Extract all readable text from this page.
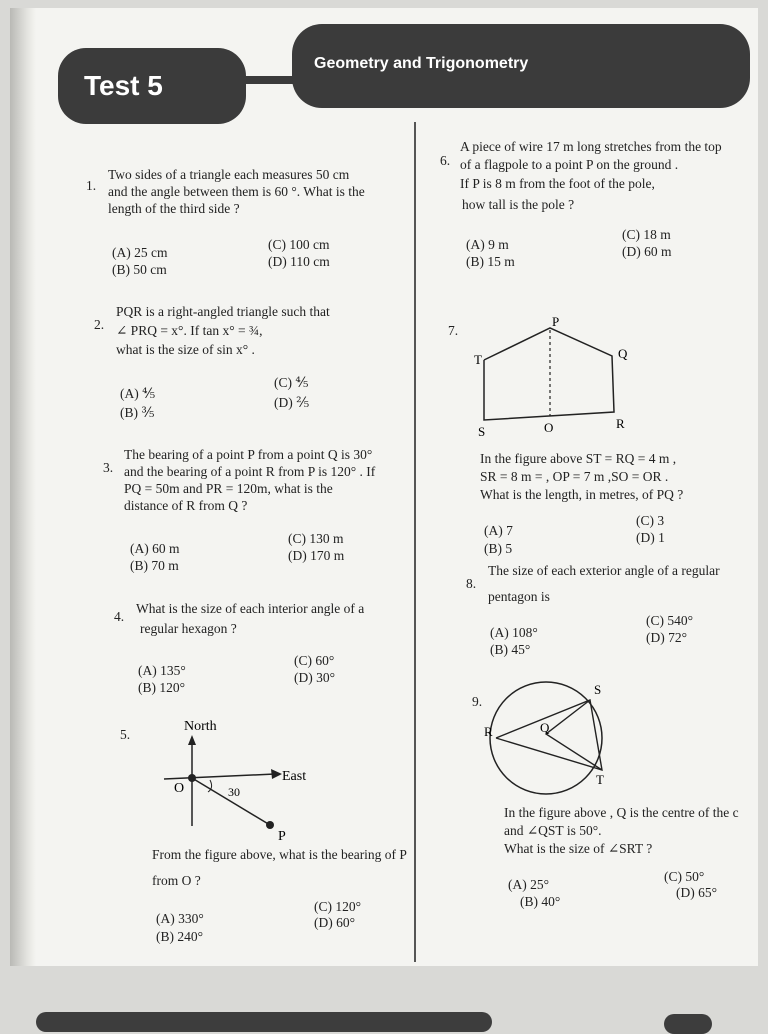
Test 5
Geometry and Trigonometry
1.
Two sides of a triangle each measures 50 cm
and the angle between them is 60 °. What is the
length of the third side ?
(A) 25 cm
(B) 50 cm
(C) 100 cm
(D) 110 cm
2.
PQR is a right-angled triangle such that
∠ PRQ = x°. If tan x° = ¾,
what is the size of sin x° .
(A) ⅘
(B) ⅗
(C) ⅘
(D) ⅖
3.
The bearing of a point P from a point Q is 30°
and the bearing of a point R from P is 120° . If
PQ = 50m and PR = 120m, what is the
distance of R from Q ?
(A) 60 m
(B) 70 m
(C) 130 m
(D) 170 m
4.
What is the size of each interior angle of a
regular hexagon ?
(A) 135°
(B) 120°
(C) 60°
(D) 30°
5.
North
East
O	30
P
From the figure above, what is the bearing of P
from O ?
(A) 330°
(B) 240°
(C) 120°
(D) 60°
6.
A piece of wire 17 m long stretches from the top
of a flagpole to a point P on the ground .
If P is 8 m from the foot of the pole,
how tall is the pole ?
(A) 9 m
(B) 15 m
(C) 18 m
(D) 60 m
7.
P
Q
T
S	O	R
In the figure above ST = RQ = 4 m ,
SR = 8 m = , OP = 7 m ,SO = OR .
What is the length, in metres, of PQ ?
(A) 7
(B) 5
(C) 3
(D) 1
8.
The size of each exterior angle of a regular
pentagon is
(A) 108°
(B) 45°
(C) 540°
(D) 72°
9.
S
R	Q
T
In the figure above , Q is the centre of the c
and ∠QST is 50°.
What is the size of ∠SRT ?
(A) 25°
(B) 40°
(C) 50°
(D) 65°
